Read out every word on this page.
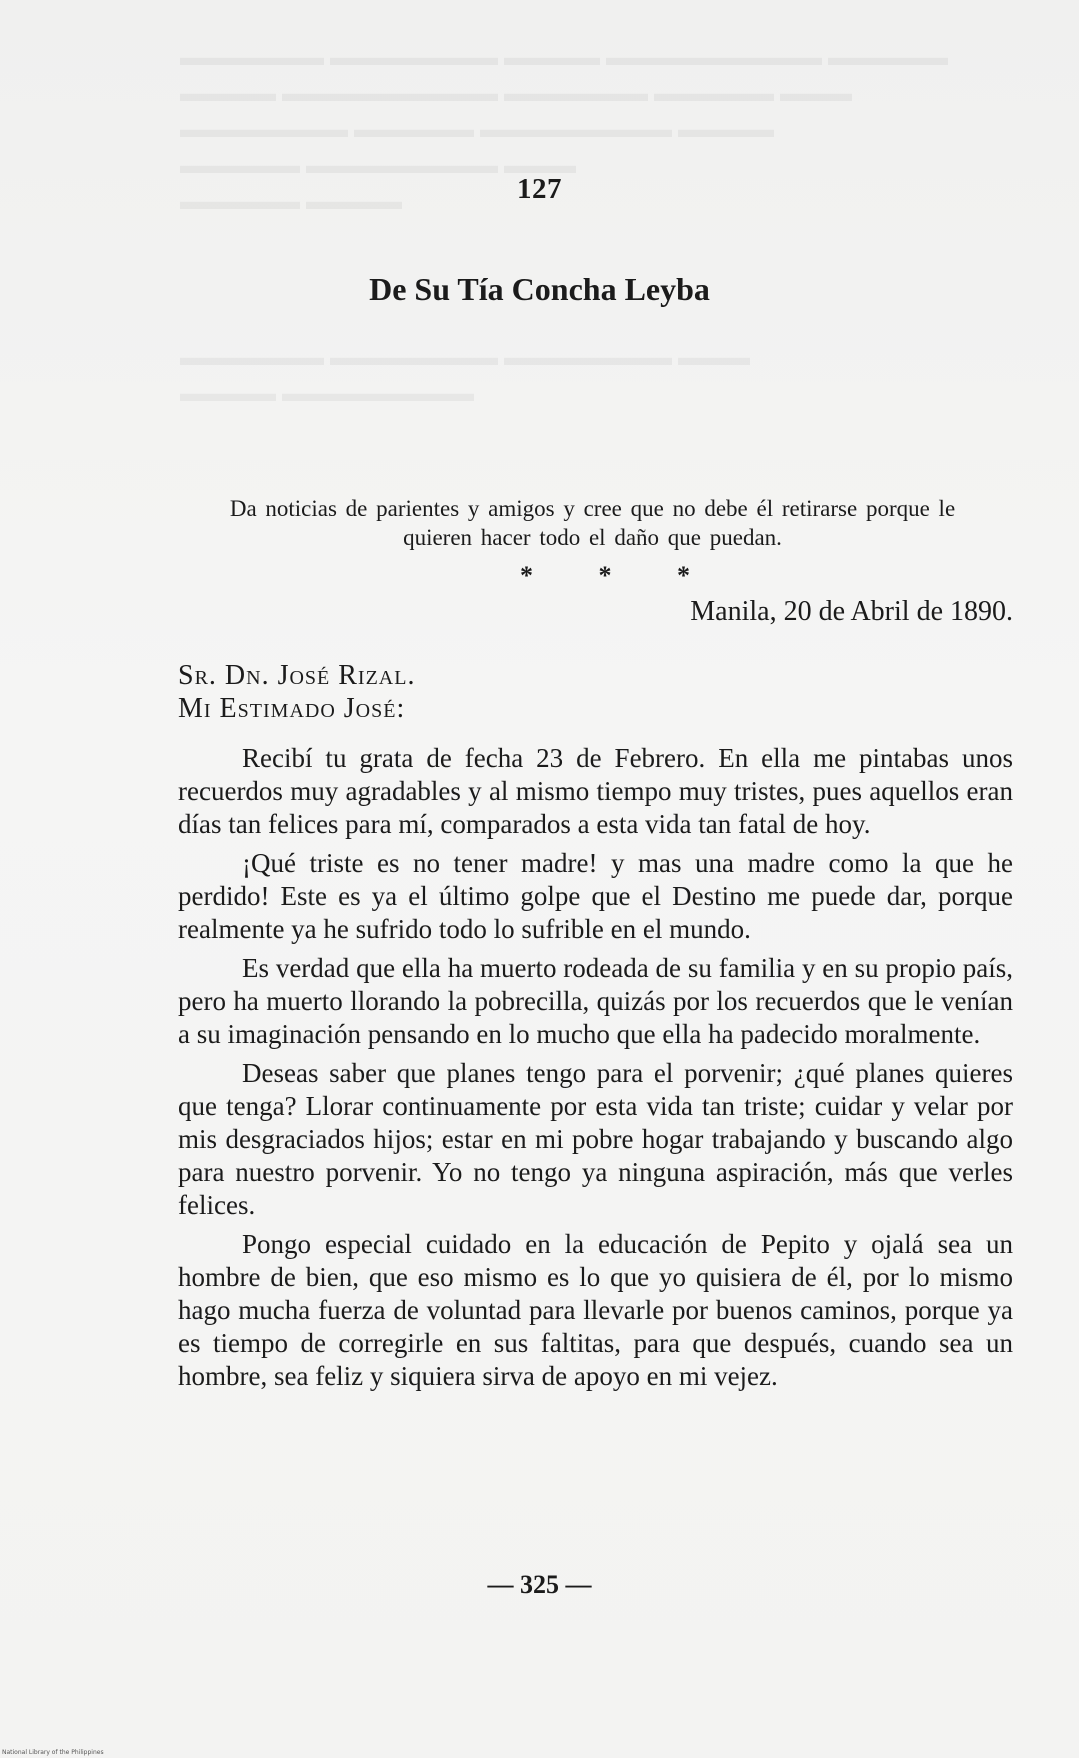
127
De Su Tía Concha Leyba
Da noticias de parientes y amigos y cree que no debe él retirarse porque le quieren hacer todo el daño que puedan.
*	*	*
Manila, 20 de Abril de 1890.
Sr. Dn. José Rizal.
Mi Estimado José:

Recibí tu grata de fecha 23 de Febrero. En ella me pintabas unos recuerdos muy agradables y al mismo tiempo muy tristes, pues aquellos eran días tan felices para mí, comparados a esta vida tan fatal de hoy.

¡Qué triste es no tener madre! y mas una madre como la que he perdido! Este es ya el último golpe que el Destino me puede dar, porque realmente ya he sufrido todo lo sufrible en el mundo.

Es verdad que ella ha muerto rodeada de su familia y en su propio país, pero ha muerto llorando la pobrecilla, quizás por los recuerdos que le venían a su imaginación pensando en lo mucho que ella ha padecido moralmente.

Deseas saber que planes tengo para el porvenir; ¿qué planes quieres que tenga? Llorar continuamente por esta vida tan triste; cuidar y velar por mis desgraciados hijos; estar en mi pobre hogar trabajando y buscando algo para nuestro porvenir. Yo no tengo ya ninguna aspiración, más que verles felices.

Pongo especial cuidado en la educación de Pepito y ojalá sea un hombre de bien, que eso mismo es lo que yo quisiera de él, por lo mismo hago mucha fuerza de voluntad para llevarle por buenos caminos, porque ya es tiempo de corregirle en sus faltitas, para que después, cuando sea un hombre, sea feliz y siquiera sirva de apoyo en mi vejez.

— 325 —
National Library of the Philippines
